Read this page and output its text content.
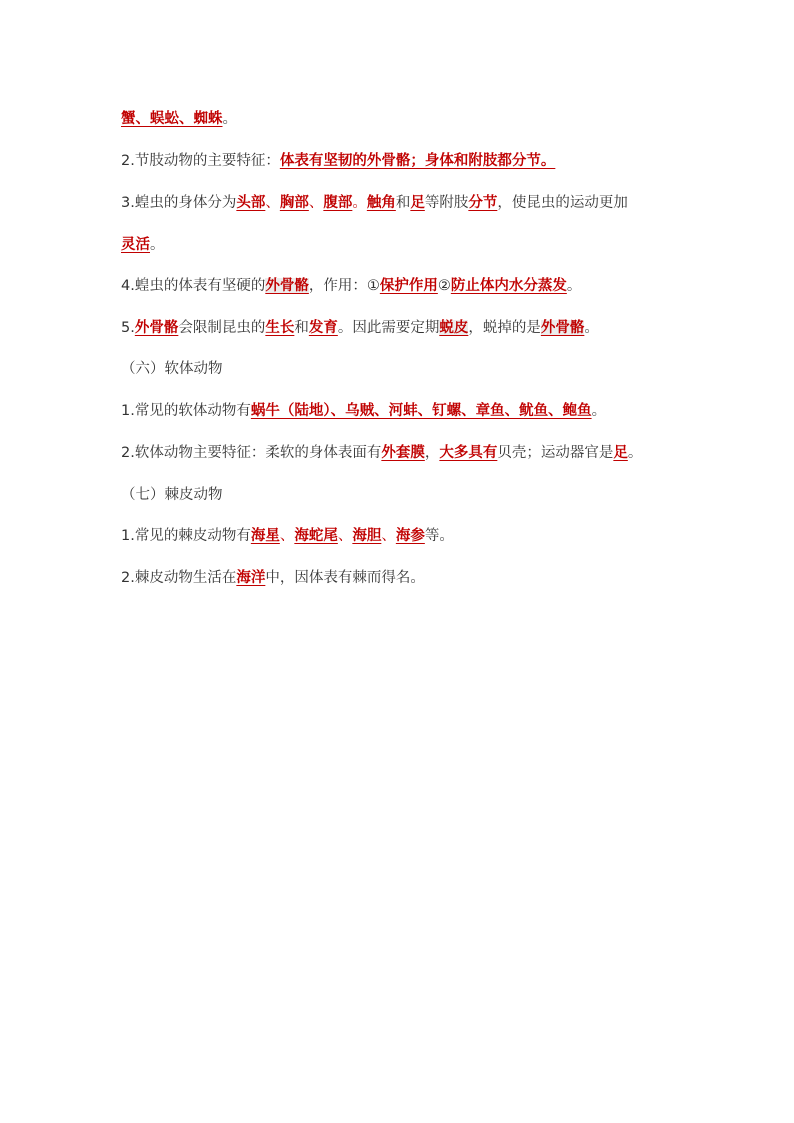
蟹、蜈蚣、蜘蛛。
2.节肢动物的主要特征：体表有坚韧的外骨骼；身体和附肢都分节。
3.蝗虫的身体分为头部、胸部、腹部。触角和足等附肢分节，使昆虫的运动更加
灵活。
4.蝗虫的体表有坚硬的外骨骼，作用：①保护作用②防止体内水分蒸发。
5.外骨骼会限制昆虫的生长和发育。因此需要定期蜕皮，蜕掉的是外骨骼。
（六）软体动物
1.常见的软体动物有蜗牛（陆地）、乌贼、河蚌、钉螺、章鱼、鱿鱼、鲍鱼。
2.软体动物主要特征：柔软的身体表面有外套膜，大多具有贝壳；运动器官是足。
（七）棘皮动物
1.常见的棘皮动物有海星、海蛇尾、海胆、海参等。
2.棘皮动物生活在海洋中，因体表有棘而得名。
